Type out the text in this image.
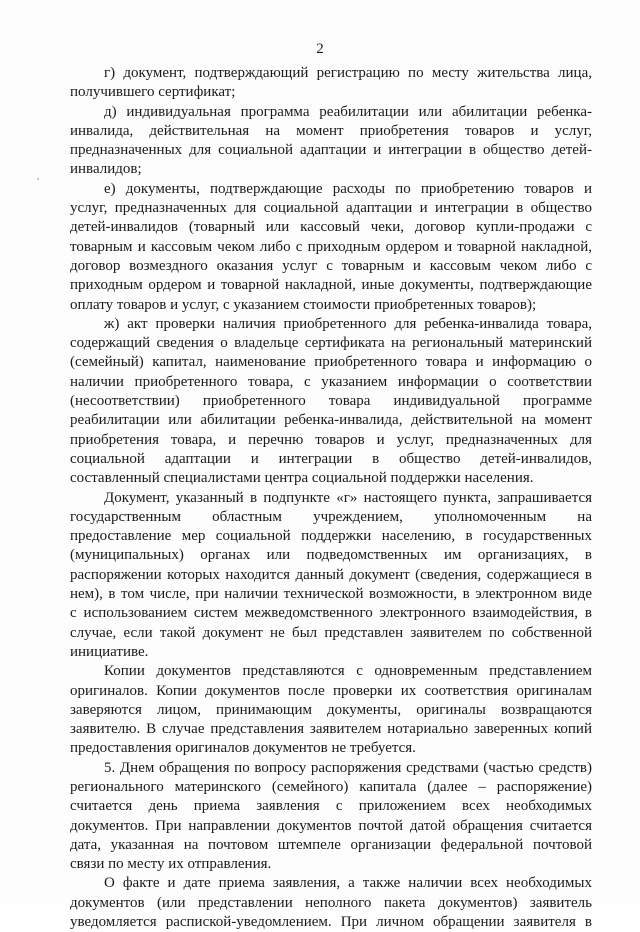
2
г) документ, подтверждающий регистрацию по месту жительства лица,
получившего сертификат;
д) индивидуальная программа реабилитации или абилитации ребенка-
инвалида, действительная на момент приобретения товаров и услуг,
предназначенных для социальной адаптации и интеграции в общество детей-
инвалидов;
е) документы, подтверждающие расходы по приобретению товаров и
услуг, предназначенных для социальной адаптации и интеграции в общество
детей-инвалидов (товарный или кассовый чеки, договор купли-продажи с
товарным и кассовым чеком либо с приходным ордером и товарной накладной,
договор возмездного оказания услуг с товарным и кассовым чеком либо с
приходным ордером и товарной накладной, иные документы, подтверждающие
оплату товаров и услуг, с указанием стоимости приобретенных товаров);
ж) акт проверки наличия приобретенного для ребенка-инвалида товара,
содержащий сведения о владельце сертификата на региональный материнский
(семейный) капитал, наименование приобретенного товара и информацию о
наличии приобретенного товара, с указанием информации о соответствии
(несоответствии) приобретенного товара индивидуальной программе
реабилитации или абилитации ребенка-инвалида, действительной на момент
приобретения товара, и перечню товаров и услуг, предназначенных для
социальной адаптации и интеграции в общество детей-инвалидов,
составленный специалистами центра социальной поддержки населения.
Документ, указанный в подпункте «г» настоящего пункта, запрашивается
государственным областным учреждением, уполномоченным на
предоставление мер социальной поддержки населению, в государственных
(муниципальных) органах или подведомственных им организациях, в
распоряжении которых находится данный документ (сведения, содержащиеся в
нем), в том числе, при наличии технической возможности, в электронном виде
с использованием систем межведомственного электронного взаимодействия, в
случае, если такой документ не был представлен заявителем по собственной
инициативе.
Копии документов представляются с одновременным представлением
оригиналов. Копии документов после проверки их соответствия оригиналам
заверяются лицом, принимающим документы, оригиналы возвращаются
заявителю. В случае представления заявителем нотариально заверенных копий
предоставления оригиналов документов не требуется.
5. Днем обращения по вопросу распоряжения средствами (частью средств)
регионального материнского (семейного) капитала (далее – распоряжение)
считается день приема заявления с приложением всех необходимых
документов. При направлении документов почтой датой обращения считается
дата, указанная на почтовом штемпеле организации федеральной почтовой
связи по месту их отправления.
О факте и дате приема заявления, а также наличии всех необходимых
документов (или представлении неполного пакета документов) заявитель
уведомляется распиской-уведомлением. При личном обращении заявителя в
